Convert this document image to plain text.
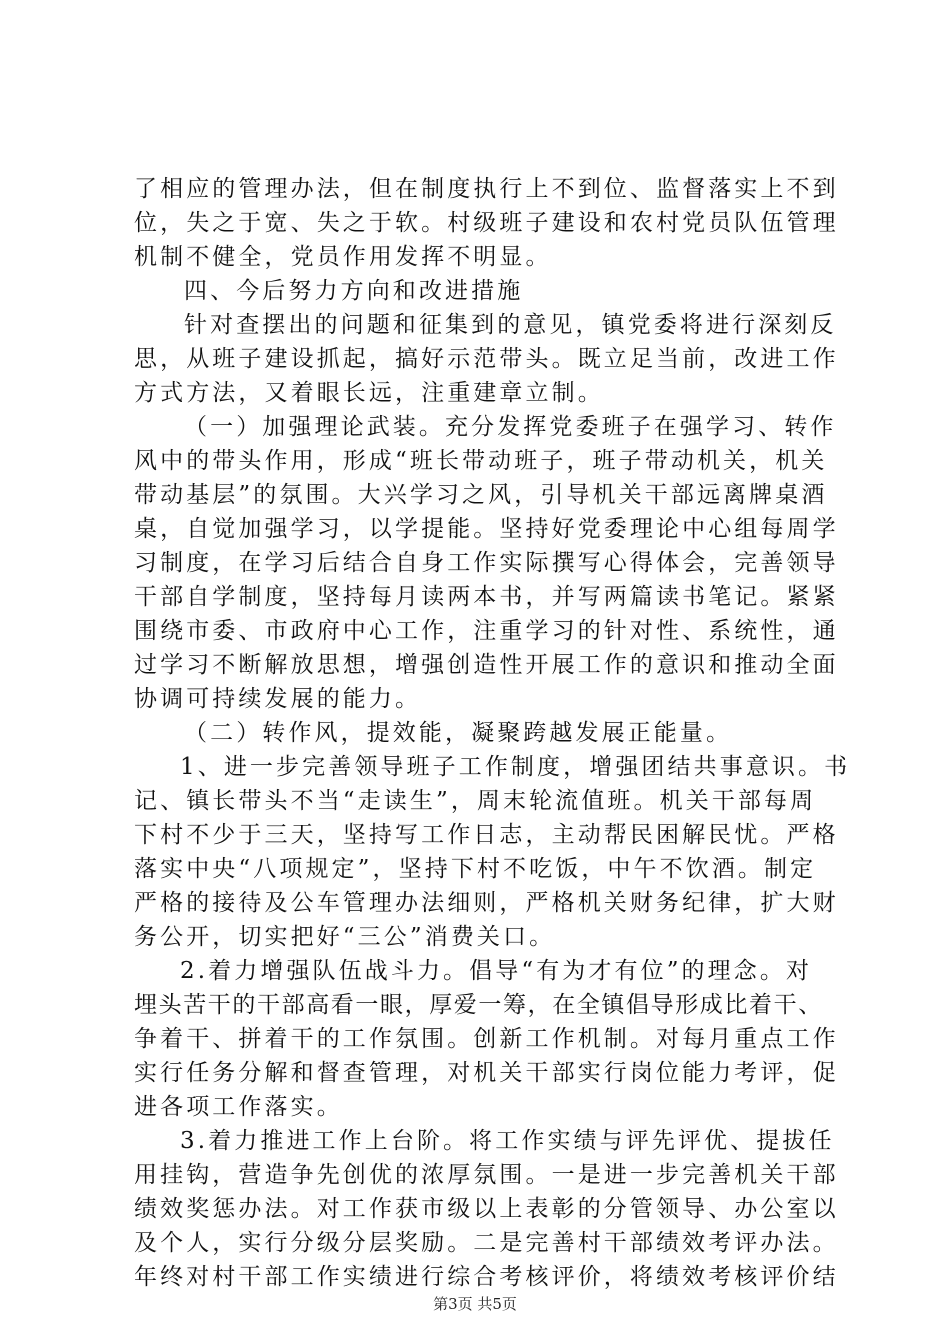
了相应的管理办法，但在制度执行上不到位、监督落实上不到
位，失之于宽、失之于软。村级班子建设和农村党员队伍管理
机制不健全，党员作用发挥不明显。
四、今后努力方向和改进措施
针对查摆出的问题和征集到的意见，镇党委将进行深刻反
思，从班子建设抓起，搞好示范带头。既立足当前，改进工作
方式方法，又着眼长远，注重建章立制。
（一）加强理论武装。充分发挥党委班子在强学习、转作
风中的带头作用，形成“班长带动班子，班子带动机关，机关
带动基层”的氛围。大兴学习之风，引导机关干部远离牌桌酒
桌，自觉加强学习，以学提能。坚持好党委理论中心组每周学
习制度，在学习后结合自身工作实际撰写心得体会，完善领导
干部自学制度，坚持每月读两本书，并写两篇读书笔记。紧紧
围绕市委、市政府中心工作，注重学习的针对性、系统性，通
过学习不断解放思想，增强创造性开展工作的意识和推动全面
协调可持续发展的能力。
（二）转作风，提效能，凝聚跨越发展正能量。
1、进一步完善领导班子工作制度，增强团结共事意识。书
记、镇长带头不当“走读生”，周末轮流值班。机关干部每周
下村不少于三天，坚持写工作日志，主动帮民困解民忧。严格
落实中央“八项规定”，坚持下村不吃饭，中午不饮酒。制定
严格的接待及公车管理办法细则，严格机关财务纪律，扩大财
务公开，切实把好“三公”消费关口。
2.着力增强队伍战斗力。倡导“有为才有位”的理念。对
埋头苦干的干部高看一眼，厚爱一筹，在全镇倡导形成比着干、
争着干、拼着干的工作氛围。创新工作机制。对每月重点工作
实行任务分解和督查管理，对机关干部实行岗位能力考评，促
进各项工作落实。
3.着力推进工作上台阶。将工作实绩与评先评优、提拔任
用挂钩，营造争先创优的浓厚氛围。一是进一步完善机关干部
绩效奖惩办法。对工作获市级以上表彰的分管领导、办公室以
及个人，实行分级分层奖励。二是完善村干部绩效考评办法。
年终对村干部工作实绩进行综合考核评价，将绩效考核评价结
第3页 共5页
